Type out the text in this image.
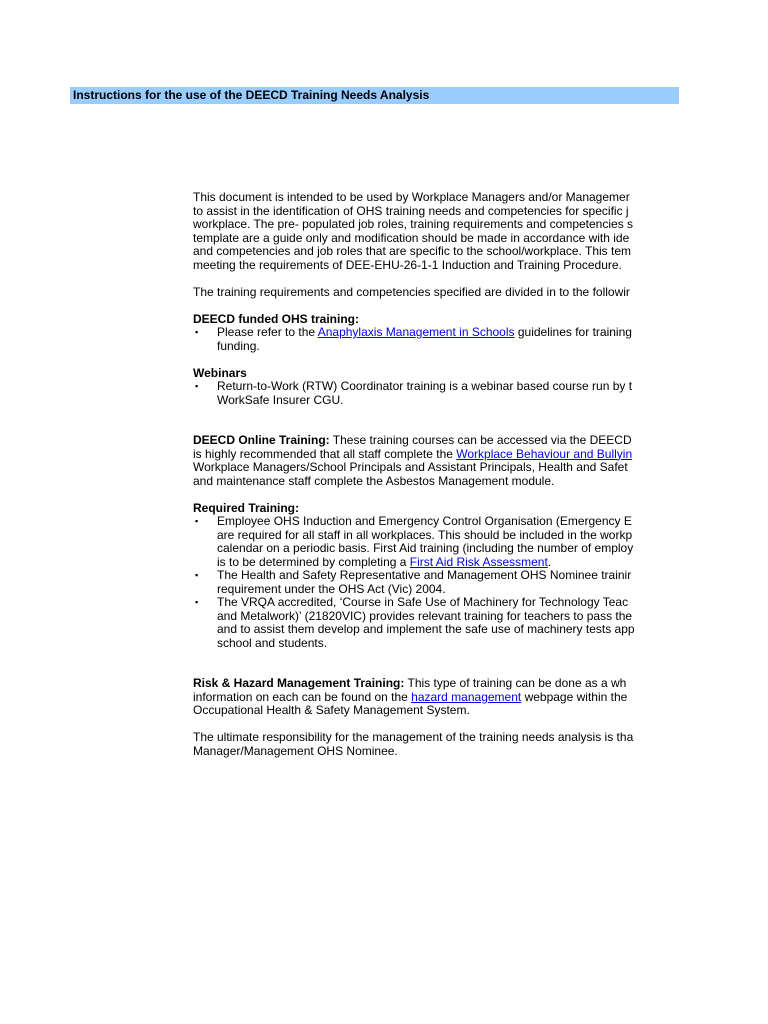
Instructions for the use of the DEECD Training Needs Analysis
This document is intended to be used by Workplace Managers and/or Managemer
to assist in the identification of OHS training needs and competencies for specific j
workplace. The pre- populated job roles, training requirements and competencies s
template are a guide only and modification should be made in accordance with ide
and competencies and job roles that are specific to the school/workplace. This tem
meeting the requirements of DEE-EHU-26-1-1 Induction and Training Procedure.
The training requirements and competencies specified are divided in to the followir
DEECD funded OHS training:
▪ Please refer to the Anaphylaxis Management in Schools guidelines for training
funding.
Webinars
▪ Return-to-Work (RTW) Coordinator training is a webinar based course run by t
WorkSafe Insurer CGU.
DEECD Online Training: These training courses can be accessed via the DEECD
is highly recommended that all staff complete the Workplace Behaviour and Bullyin
Workplace Managers/School Principals and Assistant Principals, Health and Safet
and maintenance staff complete the Asbestos Management module.
Required Training:
▪ Employee OHS Induction and Emergency Control Organisation (Emergency E
are required for all staff in all workplaces. This should be included in the workp
calendar on a periodic basis. First Aid training (including the number of employ
is to be determined by completing a First Aid Risk Assessment.
▪ The Health and Safety Representative and Management OHS Nominee trainir
requirement under the OHS Act (Vic) 2004.
▪ The VRQA accredited, ‘Course in Safe Use of Machinery for Technology Teac
and Metalwork)’ (21820VIC) provides relevant training for teachers to pass the
and to assist them develop and implement the safe use of machinery tests app
school and students.
Risk & Hazard Management Training: This type of training can be done as a wh
information on each can be found on the hazard management webpage within the
Occupational Health & Safety Management System.
The ultimate responsibility for the management of the training needs analysis is tha
Manager/Management OHS Nominee.
